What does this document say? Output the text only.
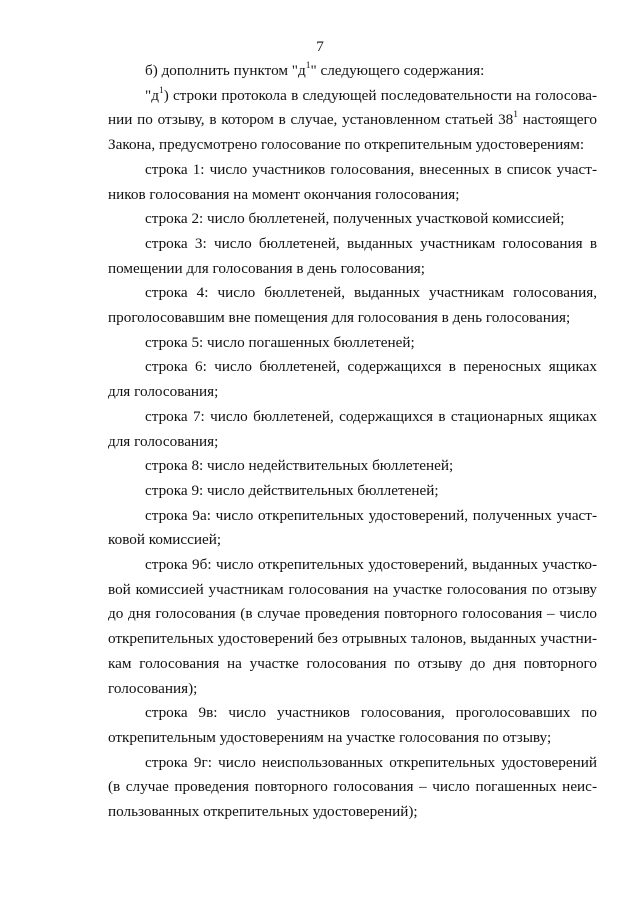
7

б) дополнить пунктом "$д^1$" следующего содержания:

"$д^1$) строки протокола в следующей последовательности на голосовании по отзыву, в котором в случае, установленном статьей $38^1$ настоящего Закона, предусмотрено голосование по открепительным удостоверениям:

строка 1: число участников голосования, внесенных в список участников голосования на момент окончания голосования;

строка 2: число бюллетеней, полученных участковой комиссией;

строка 3: число бюллетеней, выданных участникам голосования в помещении для голосования в день голосования;

строка 4: число бюллетеней, выданных участникам голосования, проголосовавшим вне помещения для голосования в день голосования;

строка 5: число погашенных бюллетеней;

строка 6: число бюллетеней, содержащихся в переносных ящиках для голосования;

строка 7: число бюллетеней, содержащихся в стационарных ящиках для голосования;

строка 8: число недействительных бюллетеней;

строка 9: число действительных бюллетеней;

строка 9а: число открепительных удостоверений, полученных участковой комиссией;

строка 9б: число открепительных удостоверений, выданных участковой комиссией участникам голосования на участке голосования по отзыву до дня голосования (в случае проведения повторного голосования – число открепительных удостоверений без отрывных талонов, выданных участникам голосования на участке голосования по отзыву до дня повторного голосования);

строка 9в: число участников голосования, проголосовавших по открепительным удостоверениям на участке голосования по отзыву;

строка 9г: число неиспользованных открепительных удостоверений (в случае проведения повторного голосования – число погашенных неиспользованных открепительных удостоверений);
